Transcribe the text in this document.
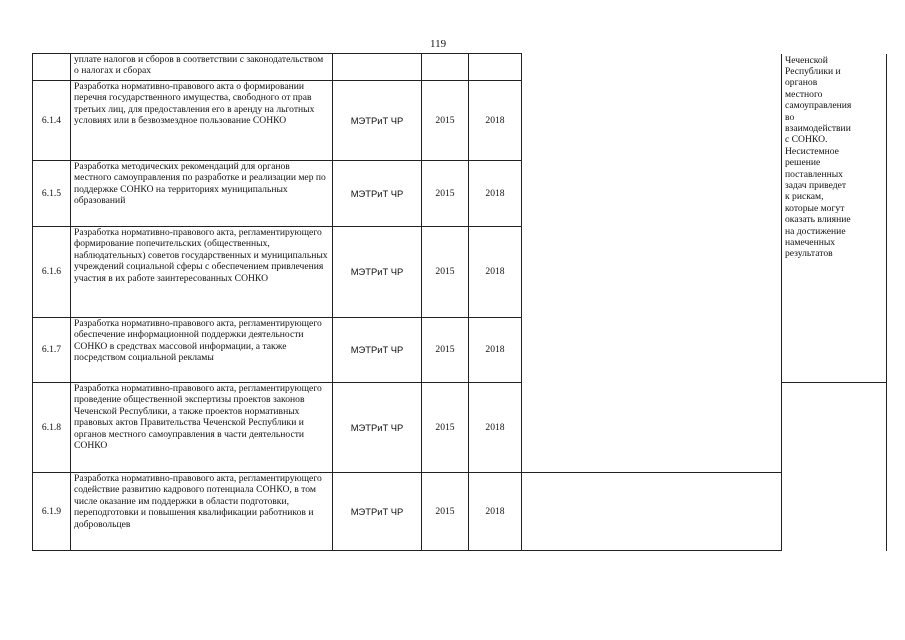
119
	уплате налогов и сборов в соответствии с законодательством о налогах и сборах					Чеченской Республики и органов местного самоуправления во взаимодействии с СОНКО. Несистемное решение поставленных задач приведет к рискам, которые могут оказать влияние на достижение намеченных результатов	

6.1.4	Разработка нормативно-правового акта о формировании перечня государственного имущества, свободного от прав третьих лиц, для предоставления его в аренду на льготных условиях или в безвозмездное пользование СОНКО	МЭТРиТ ЧР	2015	2018			
6.1.5	Разработка методических рекомендаций для органов местного самоуправления по разработке и реализации мер по поддержке СОНКО на территориях муниципальных образований	МЭТРиТ ЧР	2015	2018			
6.1.6	Разработка нормативно-правового акта, регламентирующего формирование попечительских (общественных, наблюдательных) советов государственных и муниципальных учреждений социальной сферы с обеспечением привлечения участия в их работе заинтересованных СОНКО	МЭТРиТ ЧР	2015	2018			
6.1.7	Разработка нормативно-правового акта, регламентирующего обеспечение информационной поддержки деятельности СОНКО в средствах массовой информации, а также посредством социальной рекламы	МЭТРиТ ЧР	2015	2018			
6.1.8	Разработка нормативно-правового акта, регламентирующего проведение общественной экспертизы проектов законов Чеченской Республики, а также проектов нормативных правовых актов Правительства Чеченской Республики и органов местного самоуправления в части деятельности СОНКО	МЭТРиТ ЧР	2015	2018			
6.1.9	Разработка нормативно-правового акта, регламентирующего содействие развитию кадрового потенциала СОНКО, в том числе оказание им поддержки в области подготовки, переподготовки и повышения квалификации работников и добровольцев	МЭТРиТ ЧР	2015	2018			
